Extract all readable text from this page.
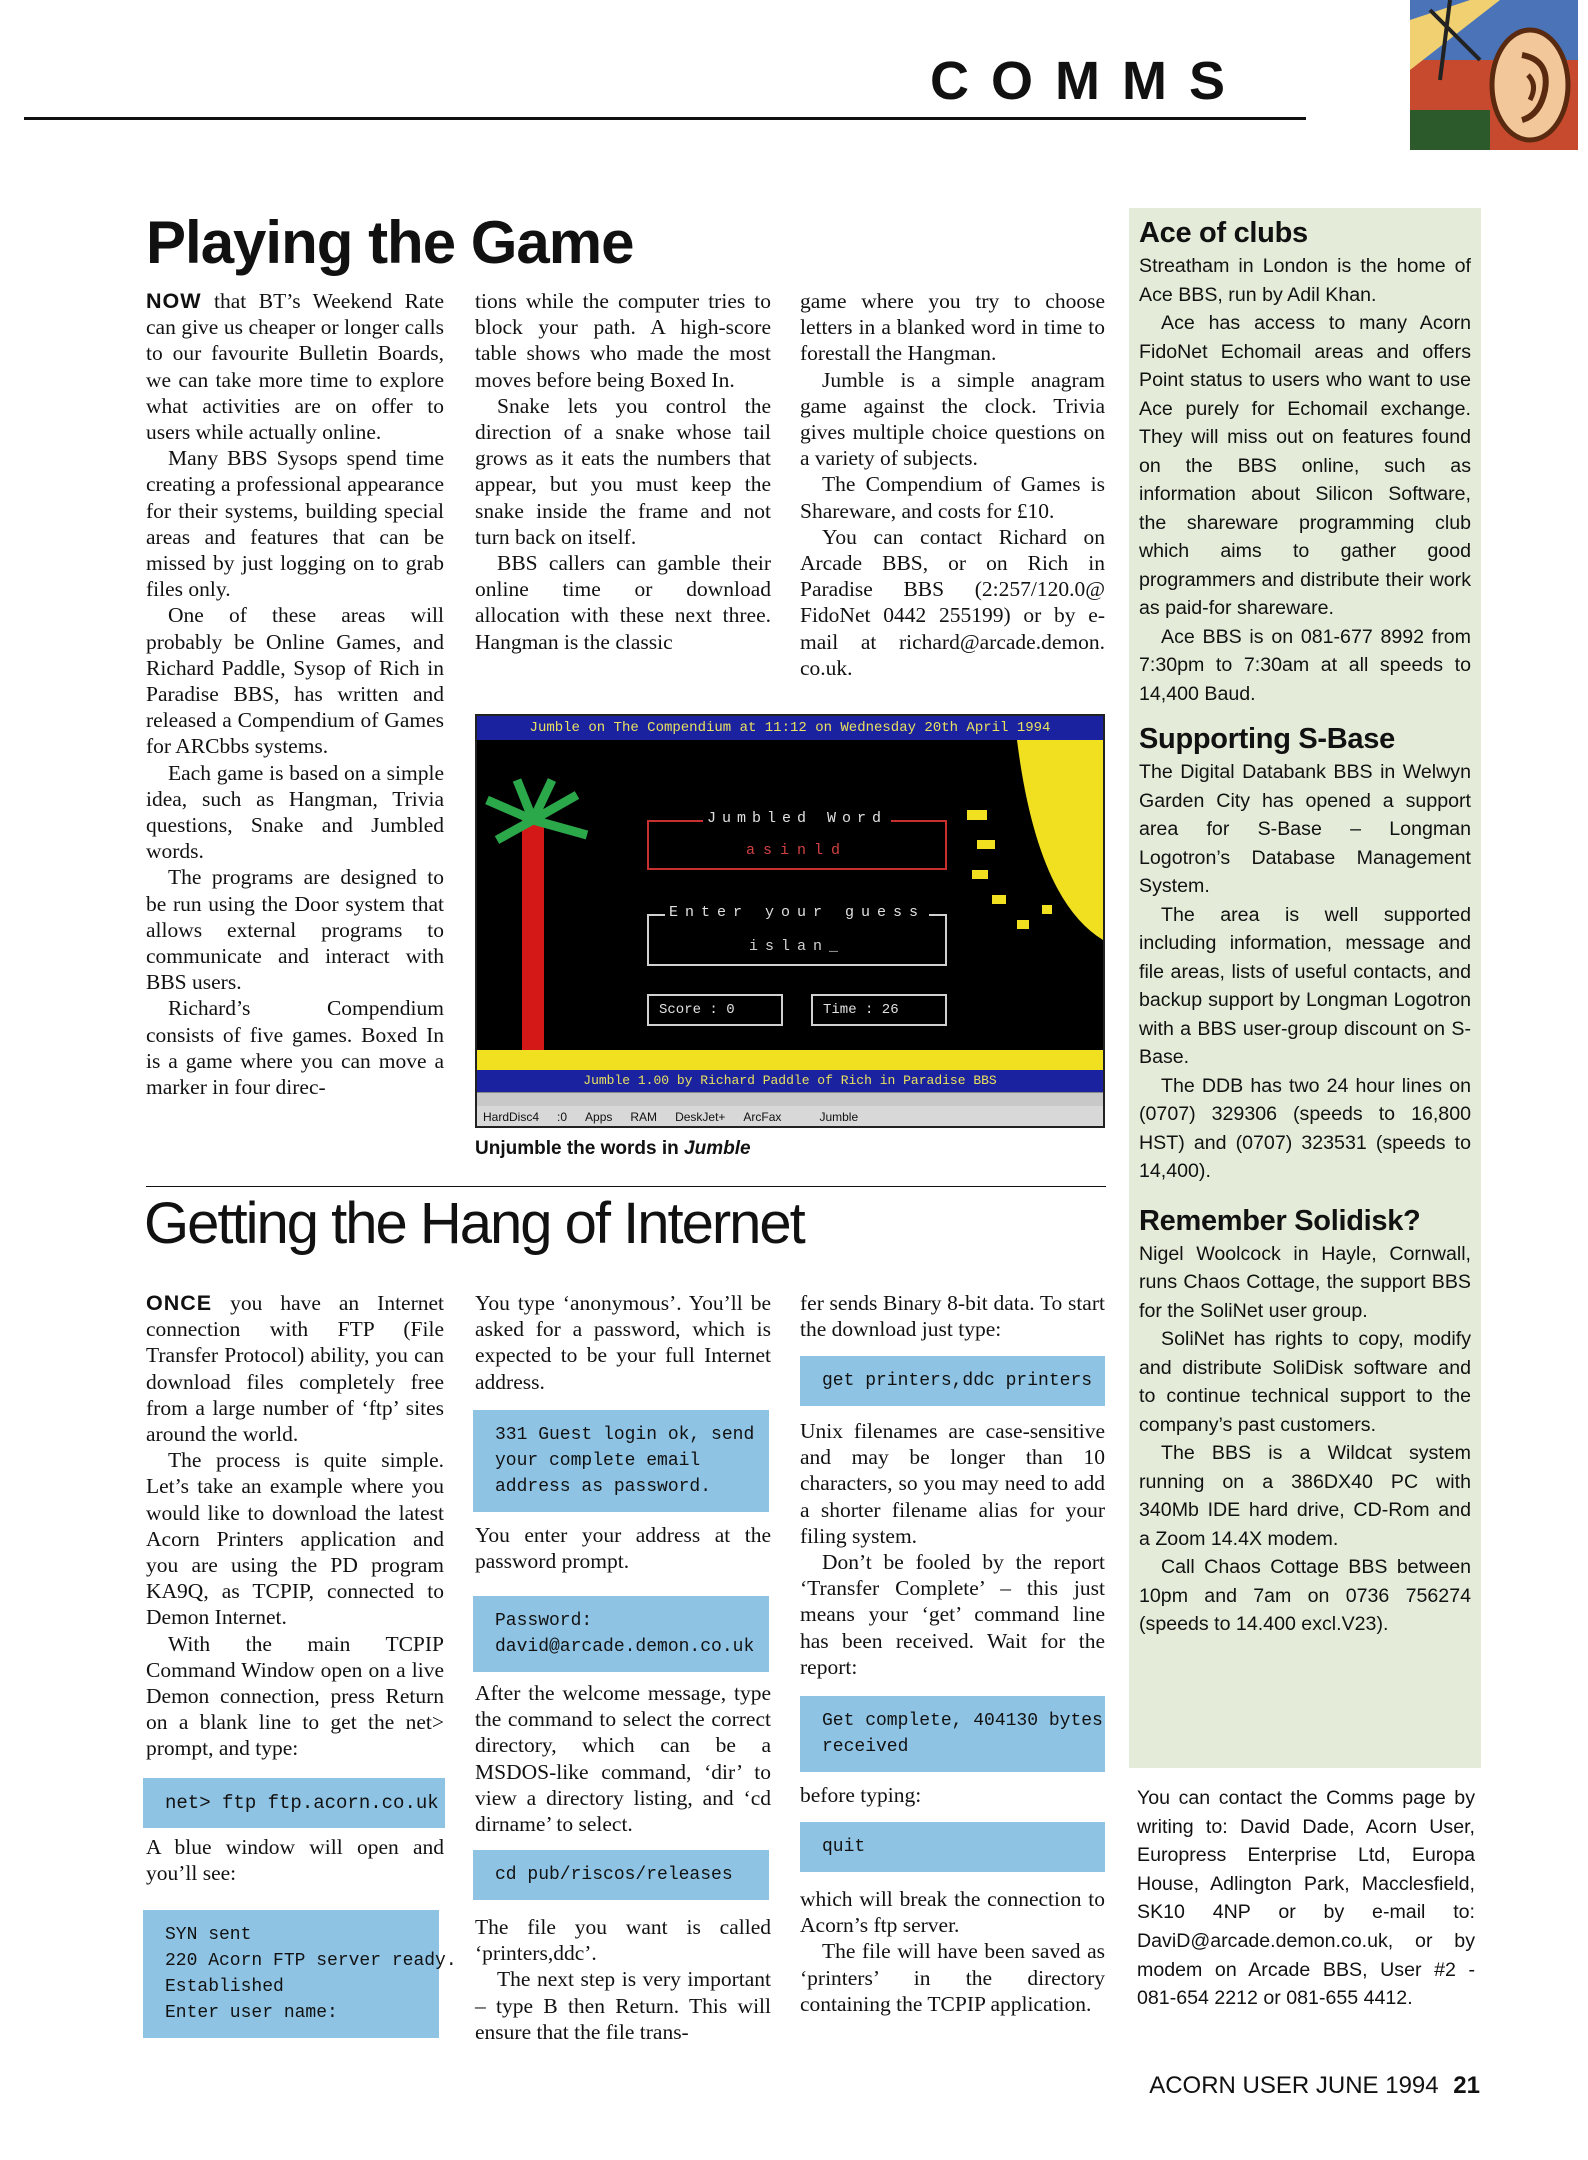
COMMS
Playing the Game
NOW that BT’s Weekend Rate can give us cheaper or longer calls to our favourite Bulletin Boards, we can take more time to explore what activities are on offer to users while actually online.
Many BBS Sysops spend time creating a professional appearance for their systems, building special areas and features that can be missed by just logging on to grab files only.
One of these areas will probably be Online Games, and Richard Paddle, Sysop of Rich in Paradise BBS, has written and released a Compendium of Games for ARCbbs systems.
Each game is based on a simple idea, such as Hangman, Trivia questions, Snake and Jumbled words.
The programs are designed to be run using the Door system that allows external programs to communicate and interact with BBS users.
Richard’s Compendium consists of five games. Boxed In is a game where you can move a marker in four direc-
tions while the computer tries to block your path. A high-score table shows who made the most moves before being Boxed In.
Snake lets you control the direction of a snake whose tail grows as it eats the numbers that appear, but you must keep the snake inside the frame and not turn back on itself.
BBS callers can gamble their online time or download allocation with these next three. Hangman is the classic
game where you try to choose letters in a blanked word in time to forestall the Hangman.
Jumble is a simple anagram game against the clock. Trivia gives multiple choice questions on a variety of subjects.
The Compendium of Games is Shareware, and costs for £10.
You can contact Richard on Arcade BBS, or on Rich in Paradise BBS (2:257/120.0@ FidoNet 0442 255199) or by e-mail at richard@arcade.demon. co.uk.
Jumble on The Compendium at 11:12 on Wednesday 20th April 1994
Jumbled Word
asinld
Enter your guess
islan_
Score : 0	Time : 26
Jumble 1.00 by Richard Paddle of Rich in Paradise BBS
HardDisc4 :0 Apps RAM DeskJet+ ArcFax	Jumble
Unjumble the words in Jumble
Getting the Hang of Internet
ONCE you have an Internet connection with FTP (File Transfer Protocol) ability, you can download files completely free from a large number of ‘ftp’ sites around the world.
The process is quite simple. Let’s take an example where you would like to download the latest Acorn Printers application and you are using the PD program KA9Q, as TCPIP, connected to Demon Internet.
With the main TCPIP Command Window open on a live Demon connection, press Return on a blank line to get the net> prompt, and type:
net> ftp ftp.acorn.co.uk
A blue window will open and you’ll see:
SYN sent
220 Acorn FTP server ready.
Established
Enter user name:
You type ‘anonymous’. You’ll be asked for a password, which is expected to be your full Internet address.
331 Guest login ok, send
your complete email
address as password.
You enter your address at the password prompt.
Password:
david@arcade.demon.co.uk
After the welcome message, type the command to select the correct directory, which can be a MSDOS-like command, ‘dir’ to view a directory listing, and ‘cd dirname’ to select.
cd pub/riscos/releases
The file you want is called ‘printers,ddc’.
The next step is very important – type B then Return. This will ensure that the file trans-
fer sends Binary 8-bit data. To start the download just type:
get printers,ddc printers
Unix filenames are case-sensitive and may be longer than 10 characters, so you may need to add a shorter filename alias for your filing system.
Don’t be fooled by the report ‘Transfer Complete’ – this just means your ‘get’ command line has been received. Wait for the report:
Get complete, 404130 bytes
received
before typing:
quit
which will break the connection to Acorn’s ftp server.
The file will have been saved as ‘printers’ in the directory containing the TCPIP application.
Ace of clubs

Streatham in London is the home of Ace BBS, run by Adil Khan.

Ace has access to many Acorn FidoNet Echomail areas and offers Point status to users who want to use Ace purely for Echomail exchange. They will miss out on features found on the BBS online, such as information about Silicon Software, the shareware programming club which aims to gather good programmers and distribute their work as paid-for shareware.

Ace BBS is on 081-677 8992 from 7:30pm to 7:30am at all speeds to 14,400 Baud.

Supporting S-Base

The Digital Databank BBS in Welwyn Garden City has opened a support area for S-Base – Longman Logotron’s Database Management System.

The area is well supported including information, message and file areas, lists of useful contacts, and backup support by Longman Logotron with a BBS user-group discount on S-Base.

The DDB has two 24 hour lines on (0707) 329306 (speeds to 16,800 HST) and (0707) 323531 (speeds to 14,400).

Remember Solidisk?

Nigel Woolcock in Hayle, Cornwall, runs Chaos Cottage, the support BBS for the SoliNet user group.

SoliNet has rights to copy, modify and distribute SoliDisk software and to continue technical support to the company’s past customers.

The BBS is a Wildcat system running on a 386DX40 PC with 340Mb IDE hard drive, CD-Rom and a Zoom 14.4X modem.

Call Chaos Cottage BBS between 10pm and 7am on 0736 756274 (speeds to 14.400 excl.V23).

You can contact the Comms page by writing to: David Dade, Acorn User, Europress Enterprise Ltd, Europa House, Adlington Park, Macclesfield, SK10 4NP or by e-mail to: DaviD@arcade.demon.co.uk, or by modem on Arcade BBS, User #2 - 081-654 2212 or 081-655 4412.
ACORN USER JUNE 1994 21
